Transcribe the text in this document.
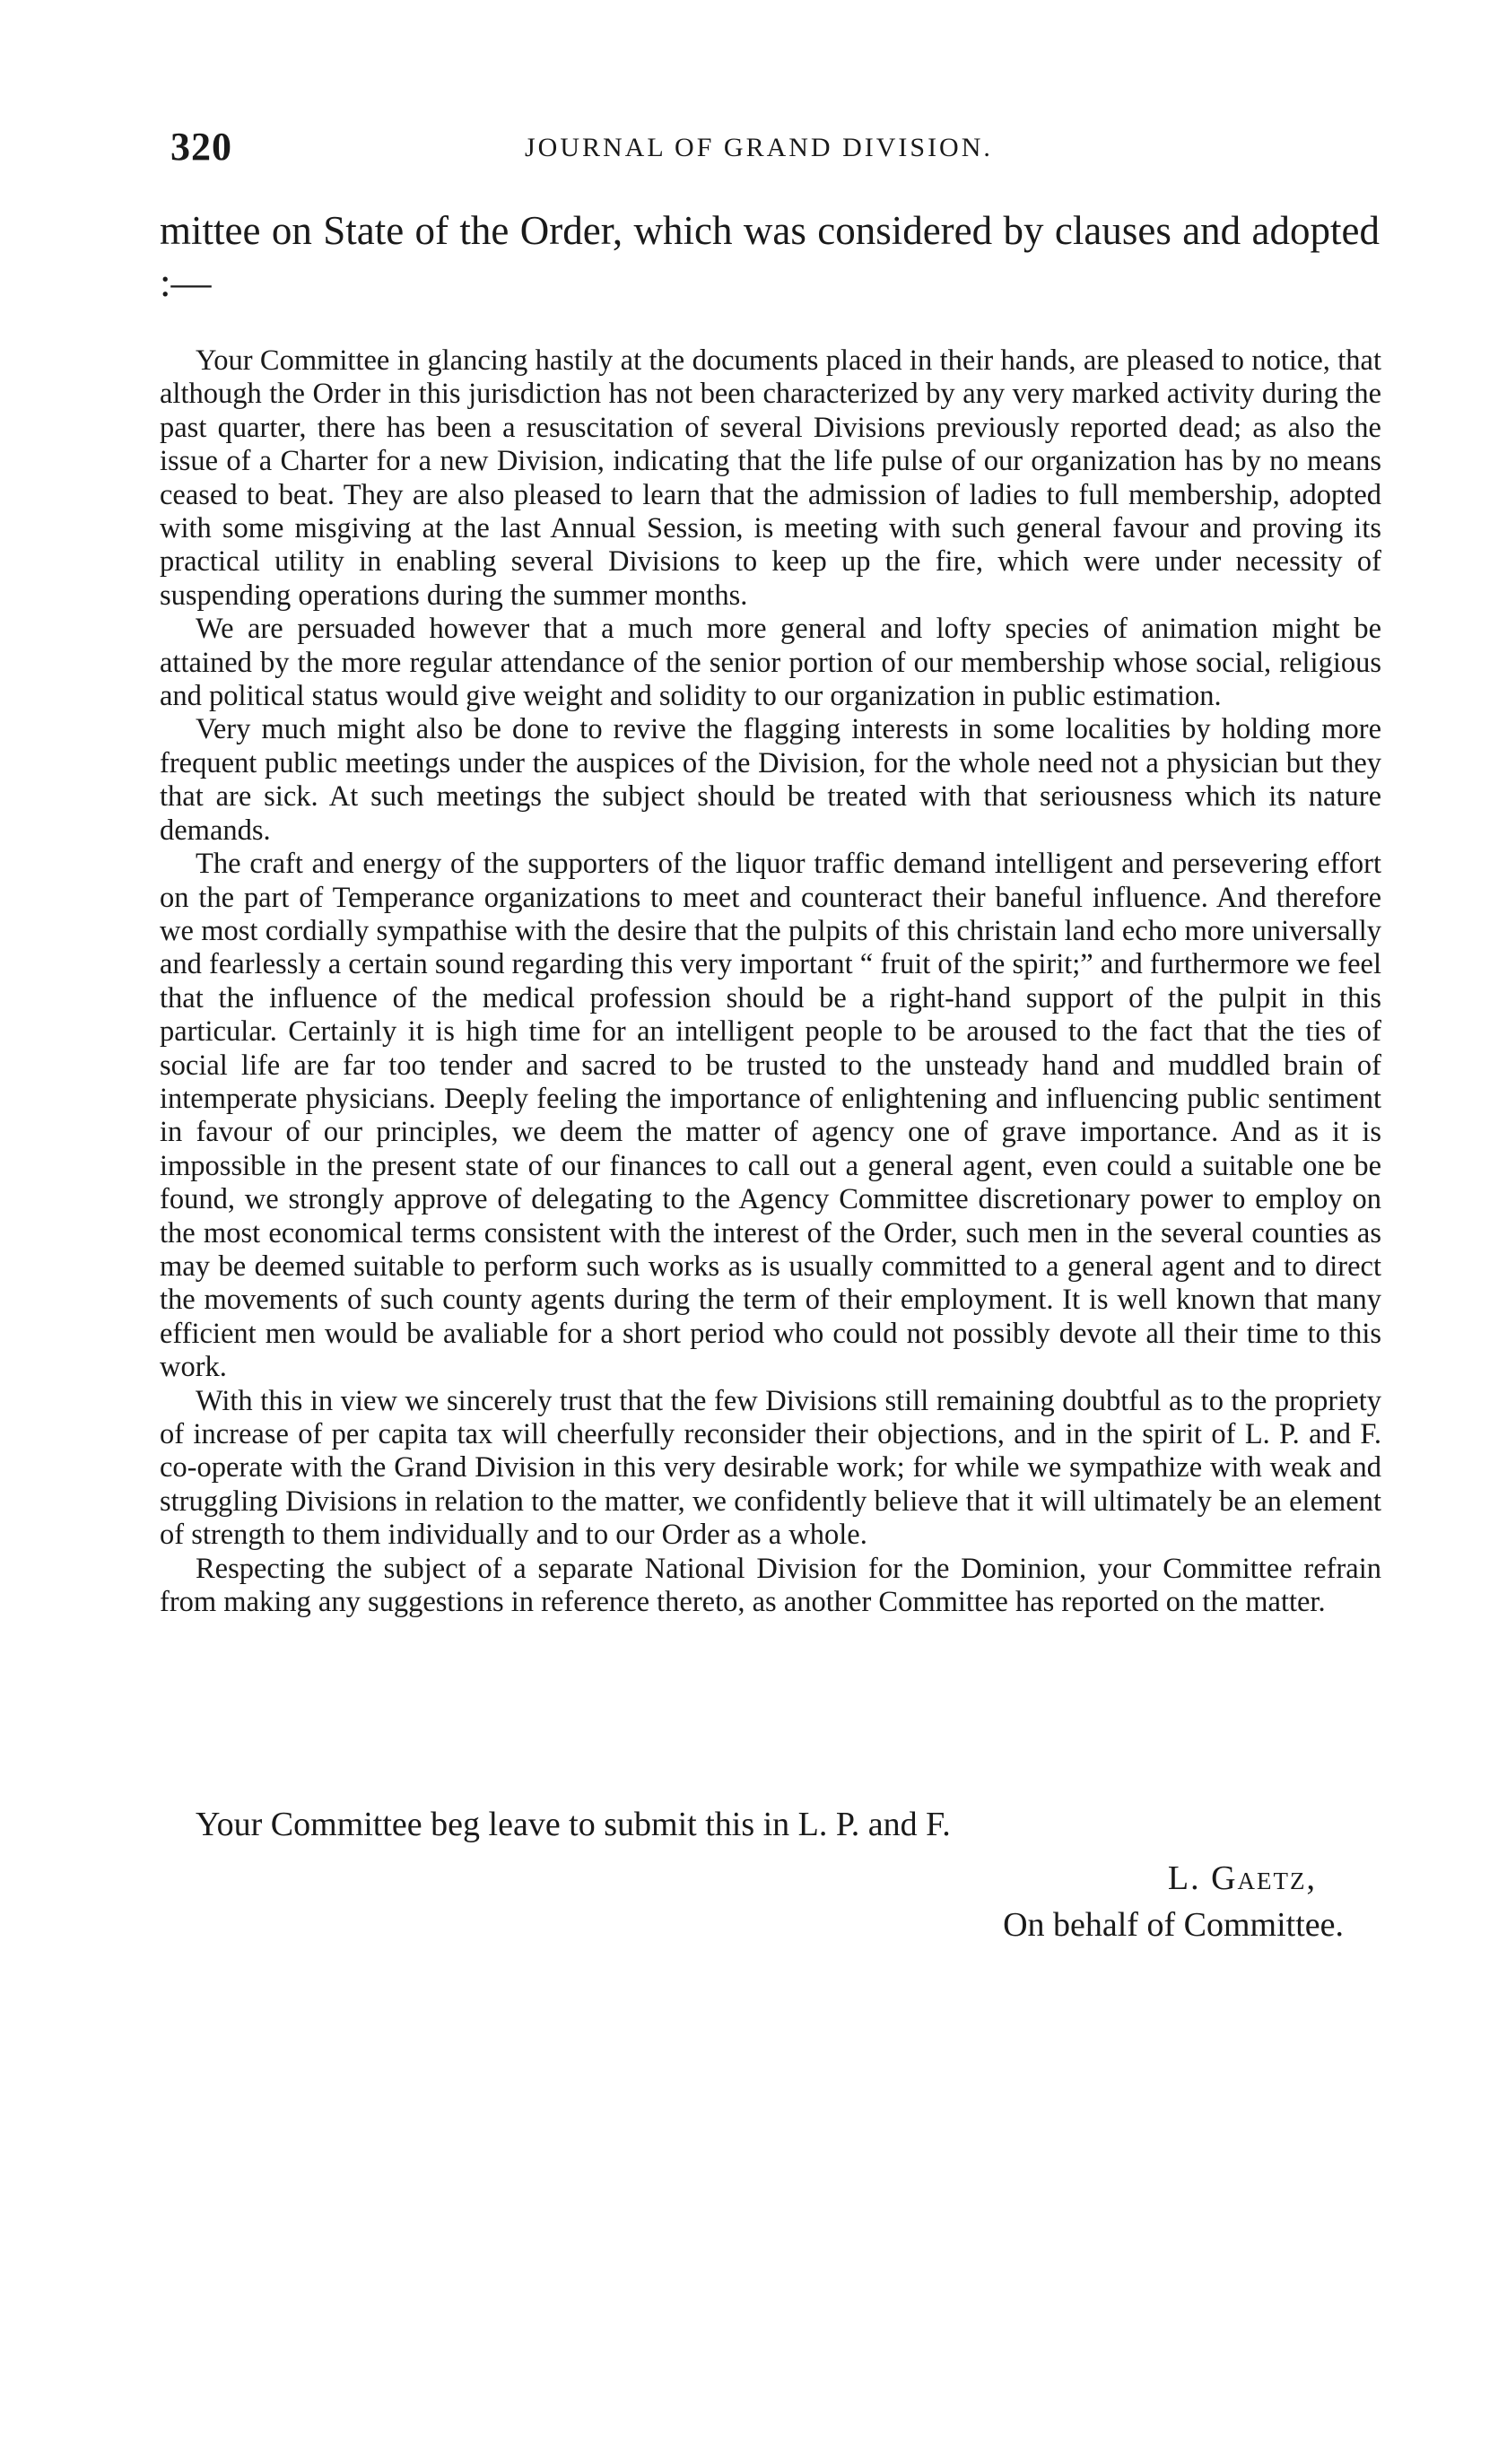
320	JOURNAL OF GRAND DIVISION.
mittee on State of the Order, which was considered by clauses and adopted :—

Your Committee in glancing hastily at the documents placed in their hands, are pleased to notice, that although the Order in this jurisdiction has not been characterized by any very marked activity during the past quarter, there has been a resuscitation of several Divisions previously reported dead; as also the issue of a Charter for a new Division, indicating that the life pulse of our organization has by no means ceased to beat. They are also pleased to learn that the admission of ladies to full membership, adopted with some misgiving at the last Annual Session, is meeting with such general favour and proving its practical utility in enabling several Divisions to keep up the fire, which were under necessity of suspending operations during the summer months.

We are persuaded however that a much more general and lofty species of animation might be attained by the more regular attendance of the senior portion of our membership whose social, religious and political status would give weight and solidity to our organization in public estimation.

Very much might also be done to revive the flagging interests in some localities by holding more frequent public meetings under the auspices of the Division, for the whole need not a physician but they that are sick. At such meetings the subject should be treated with that seriousness which its nature demands.

The craft and energy of the supporters of the liquor traffic demand intelligent and persevering effort on the part of Temperance organizations to meet and counteract their baneful influence. And therefore we most cordially sympathise with the desire that the pulpits of this christain land echo more universally and fearlessly a certain sound regarding this very important “ fruit of the spirit;” and furthermore we feel that the influence of the medical profession should be a right-hand support of the pulpit in this particular. Certainly it is high time for an intelligent people to be aroused to the fact that the ties of social life are far too tender and sacred to be trusted to the unsteady hand and muddled brain of intemperate physicians. Deeply feeling the importance of enlightening and influencing public sentiment in favour of our principles, we deem the matter of agency one of grave importance. And as it is impossible in the present state of our finances to call out a general agent, even could a suitable one be found, we strongly approve of delegating to the Agency Committee discretionary power to employ on the most economical terms consistent with the interest of the Order, such men in the several counties as may be deemed suitable to perform such works as is usually committed to a general agent and to direct the movements of such county agents during the term of their employment. It is well known that many efficient men would be avaliable for a short period who could not possibly devote all their time to this work.

With this in view we sincerely trust that the few Divisions still remaining doubtful as to the propriety of increase of per capita tax will cheerfully reconsider their objections, and in the spirit of L. P. and F. co-operate with the Grand Division in this very desirable work; for while we sympathize with weak and struggling Divisions in relation to the matter, we confidently believe that it will ultimately be an element of strength to them individually and to our Order as a whole.

Respecting the subject of a separate National Division for the Dominion, your Committee refrain from making any suggestions in reference thereto, as another Committee has reported on the matter.

Your Committee beg leave to submit this in L. P. and F.

L. Gaetz,
On behalf of Committee.
